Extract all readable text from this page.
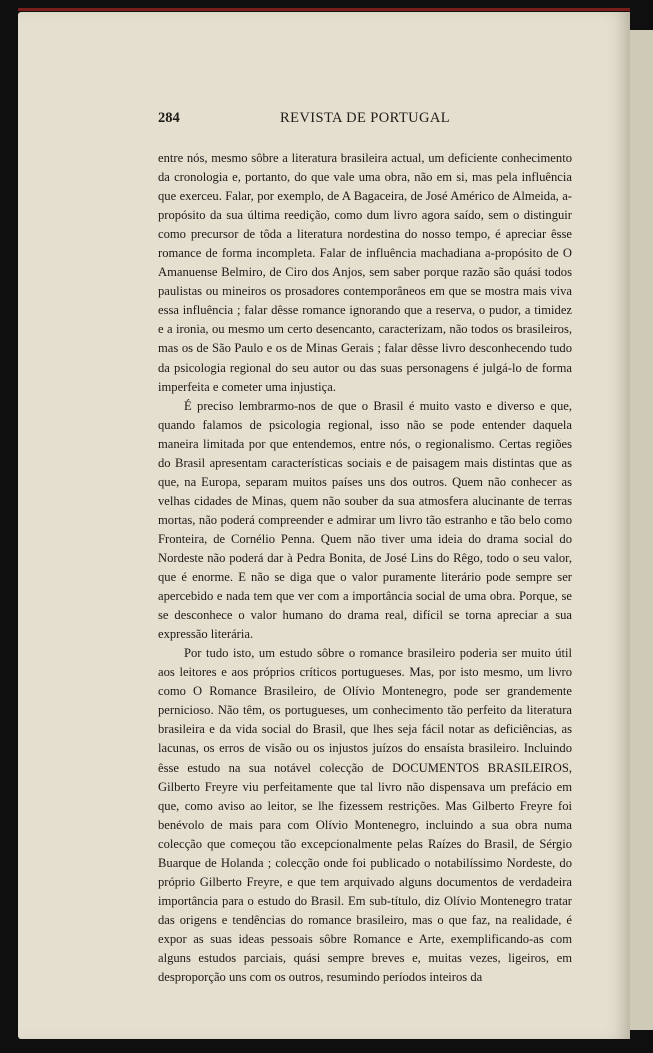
284	REVISTA DE PORTUGAL

entre nós, mesmo sôbre a literatura brasileira actual, um deficiente conhecimento da cronologia e, portanto, do que vale uma obra, não em si, mas pela influência que exerceu. Falar, por exemplo, de A Bagaceira, de José Américo de Almeida, a-propósito da sua última reedição, como dum livro agora saído, sem o distinguir como precursor de tôda a literatura nordestina do nosso tempo, é apreciar êsse romance de forma incompleta. Falar de influência machadiana a-propósito de O Amanuense Belmiro, de Ciro dos Anjos, sem saber porque razão são quási todos paulistas ou mineiros os prosadores contemporâneos em que se mostra mais viva essa influência ; falar dêsse romance ignorando que a reserva, o pudor, a timidez e a ironia, ou mesmo um certo desencanto, caracterizam, não todos os brasileiros, mas os de São Paulo e os de Minas Gerais ; falar dêsse livro desconhecendo tudo da psicologia regional do seu autor ou das suas personagens é julgá-lo de forma imperfeita e cometer uma injustiça.

É preciso lembrarmo-nos de que o Brasil é muito vasto e diverso e que, quando falamos de psicologia regional, isso não se pode entender daquela maneira limitada por que entendemos, entre nós, o regionalismo. Certas regiões do Brasil apresentam características sociais e de paisagem mais distintas que as que, na Europa, separam muitos países uns dos outros. Quem não conhecer as velhas cidades de Minas, quem não souber da sua atmosfera alucinante de terras mortas, não poderá compreender e admirar um livro tão estranho e tão belo como Fronteira, de Cornélio Penna. Quem não tiver uma ideia do drama social do Nordeste não poderá dar à Pedra Bonita, de José Lins do Rêgo, todo o seu valor, que é enorme. E não se diga que o valor puramente literário pode sempre ser apercebido e nada tem que ver com a importância social de uma obra. Porque, se se desconhece o valor humano do drama real, difícil se torna apreciar a sua expressão literária.

Por tudo isto, um estudo sôbre o romance brasileiro poderia ser muito útil aos leitores e aos próprios críticos portugueses. Mas, por isto mesmo, um livro como O Romance Brasileiro, de Olívio Montenegro, pode ser grandemente pernicioso. Não têm, os portugueses, um conhecimento tão perfeito da literatura brasileira e da vida social do Brasil, que lhes seja fácil notar as deficiências, as lacunas, os erros de visão ou os injustos juízos do ensaísta brasileiro. Incluindo êsse estudo na sua notável colecção de DOCUMENTOS BRASILEIROS, Gilberto Freyre viu perfeitamente que tal livro não dispensava um prefácio em que, como aviso ao leitor, se lhe fizessem restrições. Mas Gilberto Freyre foi benévolo de mais para com Olívio Montenegro, incluindo a sua obra numa colecção que começou tão excepcionalmente pelas Raízes do Brasil, de Sérgio Buarque de Holanda ; colecção onde foi publicado o notabilíssimo Nordeste, do próprio Gilberto Freyre, e que tem arquivado alguns documentos de verdadeira importância para o estudo do Brasil. Em sub-título, diz Olívio Montenegro tratar das origens e tendências do romance brasileiro, mas o que faz, na realidade, é expor as suas ideas pessoais sôbre Romance e Arte, exemplificando-as com alguns estudos parciais, quási sempre breves e, muitas vezes, ligeiros, em desproporção uns com os outros, resumindo períodos inteiros da
